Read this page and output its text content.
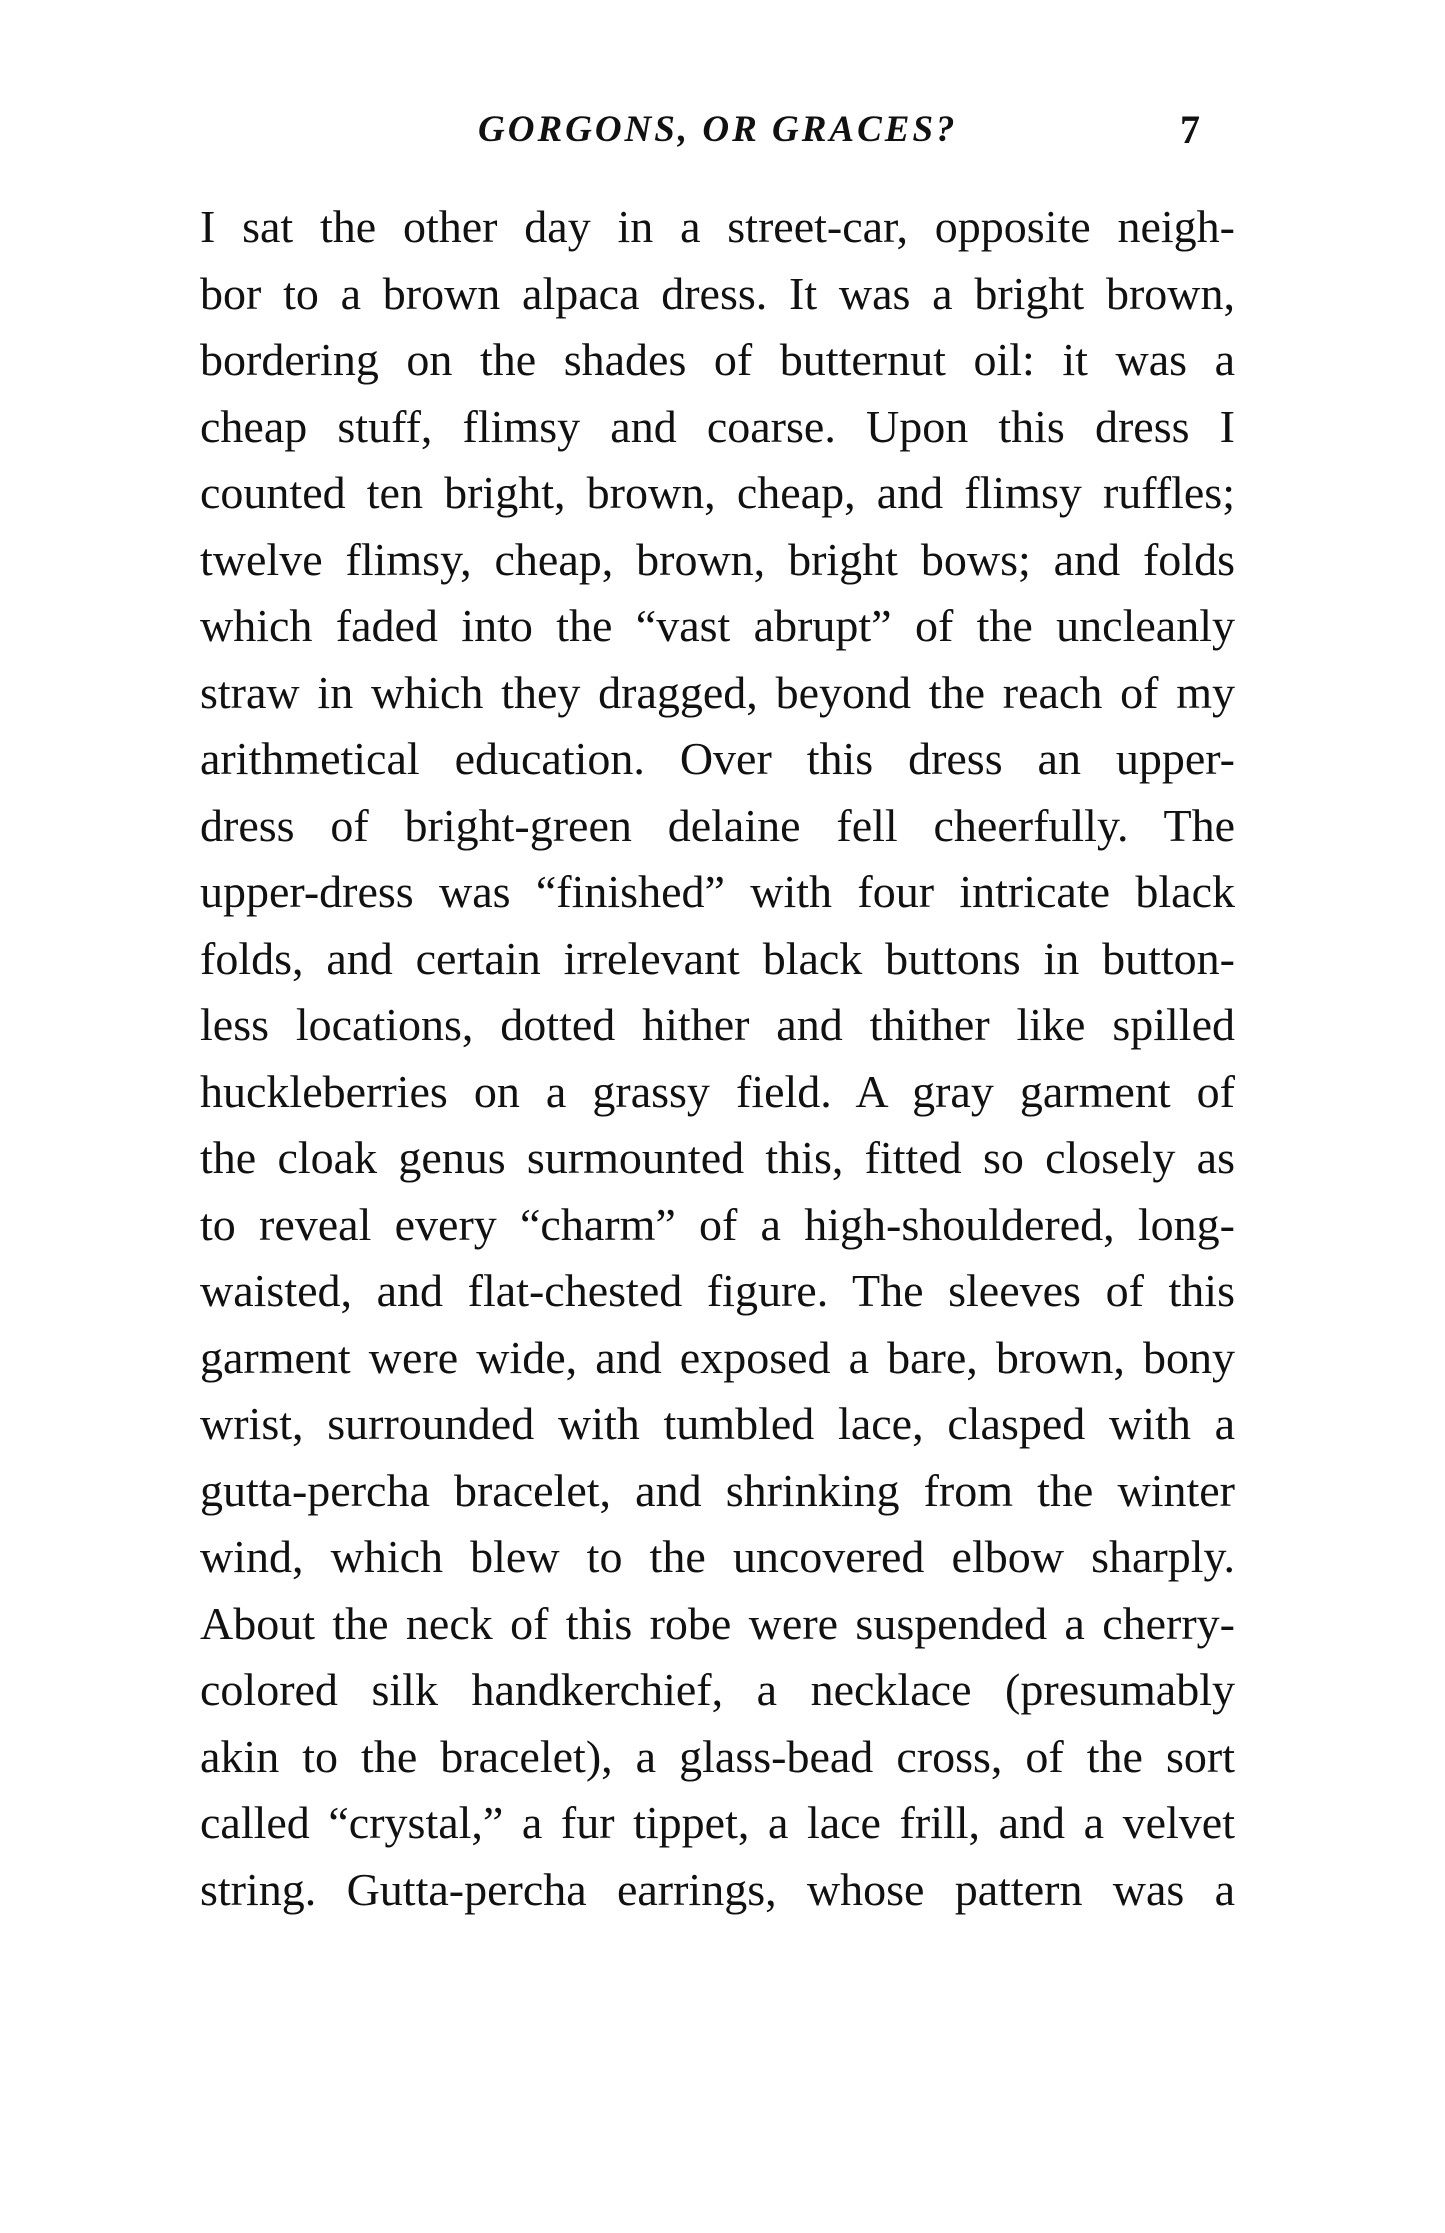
GORGONS, OR GRACES?	7
I sat the other day in a street-car, opposite neigh-
bor to a brown alpaca dress. It was a bright brown,
bordering on the shades of butternut oil: it was a
cheap stuff, flimsy and coarse. Upon this dress I
counted ten bright, brown, cheap, and flimsy ruffles;
twelve flimsy, cheap, brown, bright bows; and folds
which faded into the “vast abrupt” of the uncleanly
straw in which they dragged, beyond the reach of my
arithmetical education. Over this dress an upper-
dress of bright-green delaine fell cheerfully. The
upper-dress was “finished” with four intricate black
folds, and certain irrelevant black buttons in button-
less locations, dotted hither and thither like spilled
huckleberries on a grassy field. A gray garment of
the cloak genus surmounted this, fitted so closely as
to reveal every “charm” of a high-shouldered, long-
waisted, and flat-chested figure. The sleeves of this
garment were wide, and exposed a bare, brown, bony
wrist, surrounded with tumbled lace, clasped with a
gutta-percha bracelet, and shrinking from the winter
wind, which blew to the uncovered elbow sharply.
About the neck of this robe were suspended a cherry-
colored silk handkerchief, a necklace (presumably
akin to the bracelet), a glass-bead cross, of the sort
called “crystal,” a fur tippet, a lace frill, and a velvet
string. Gutta-percha earrings, whose pattern was a
